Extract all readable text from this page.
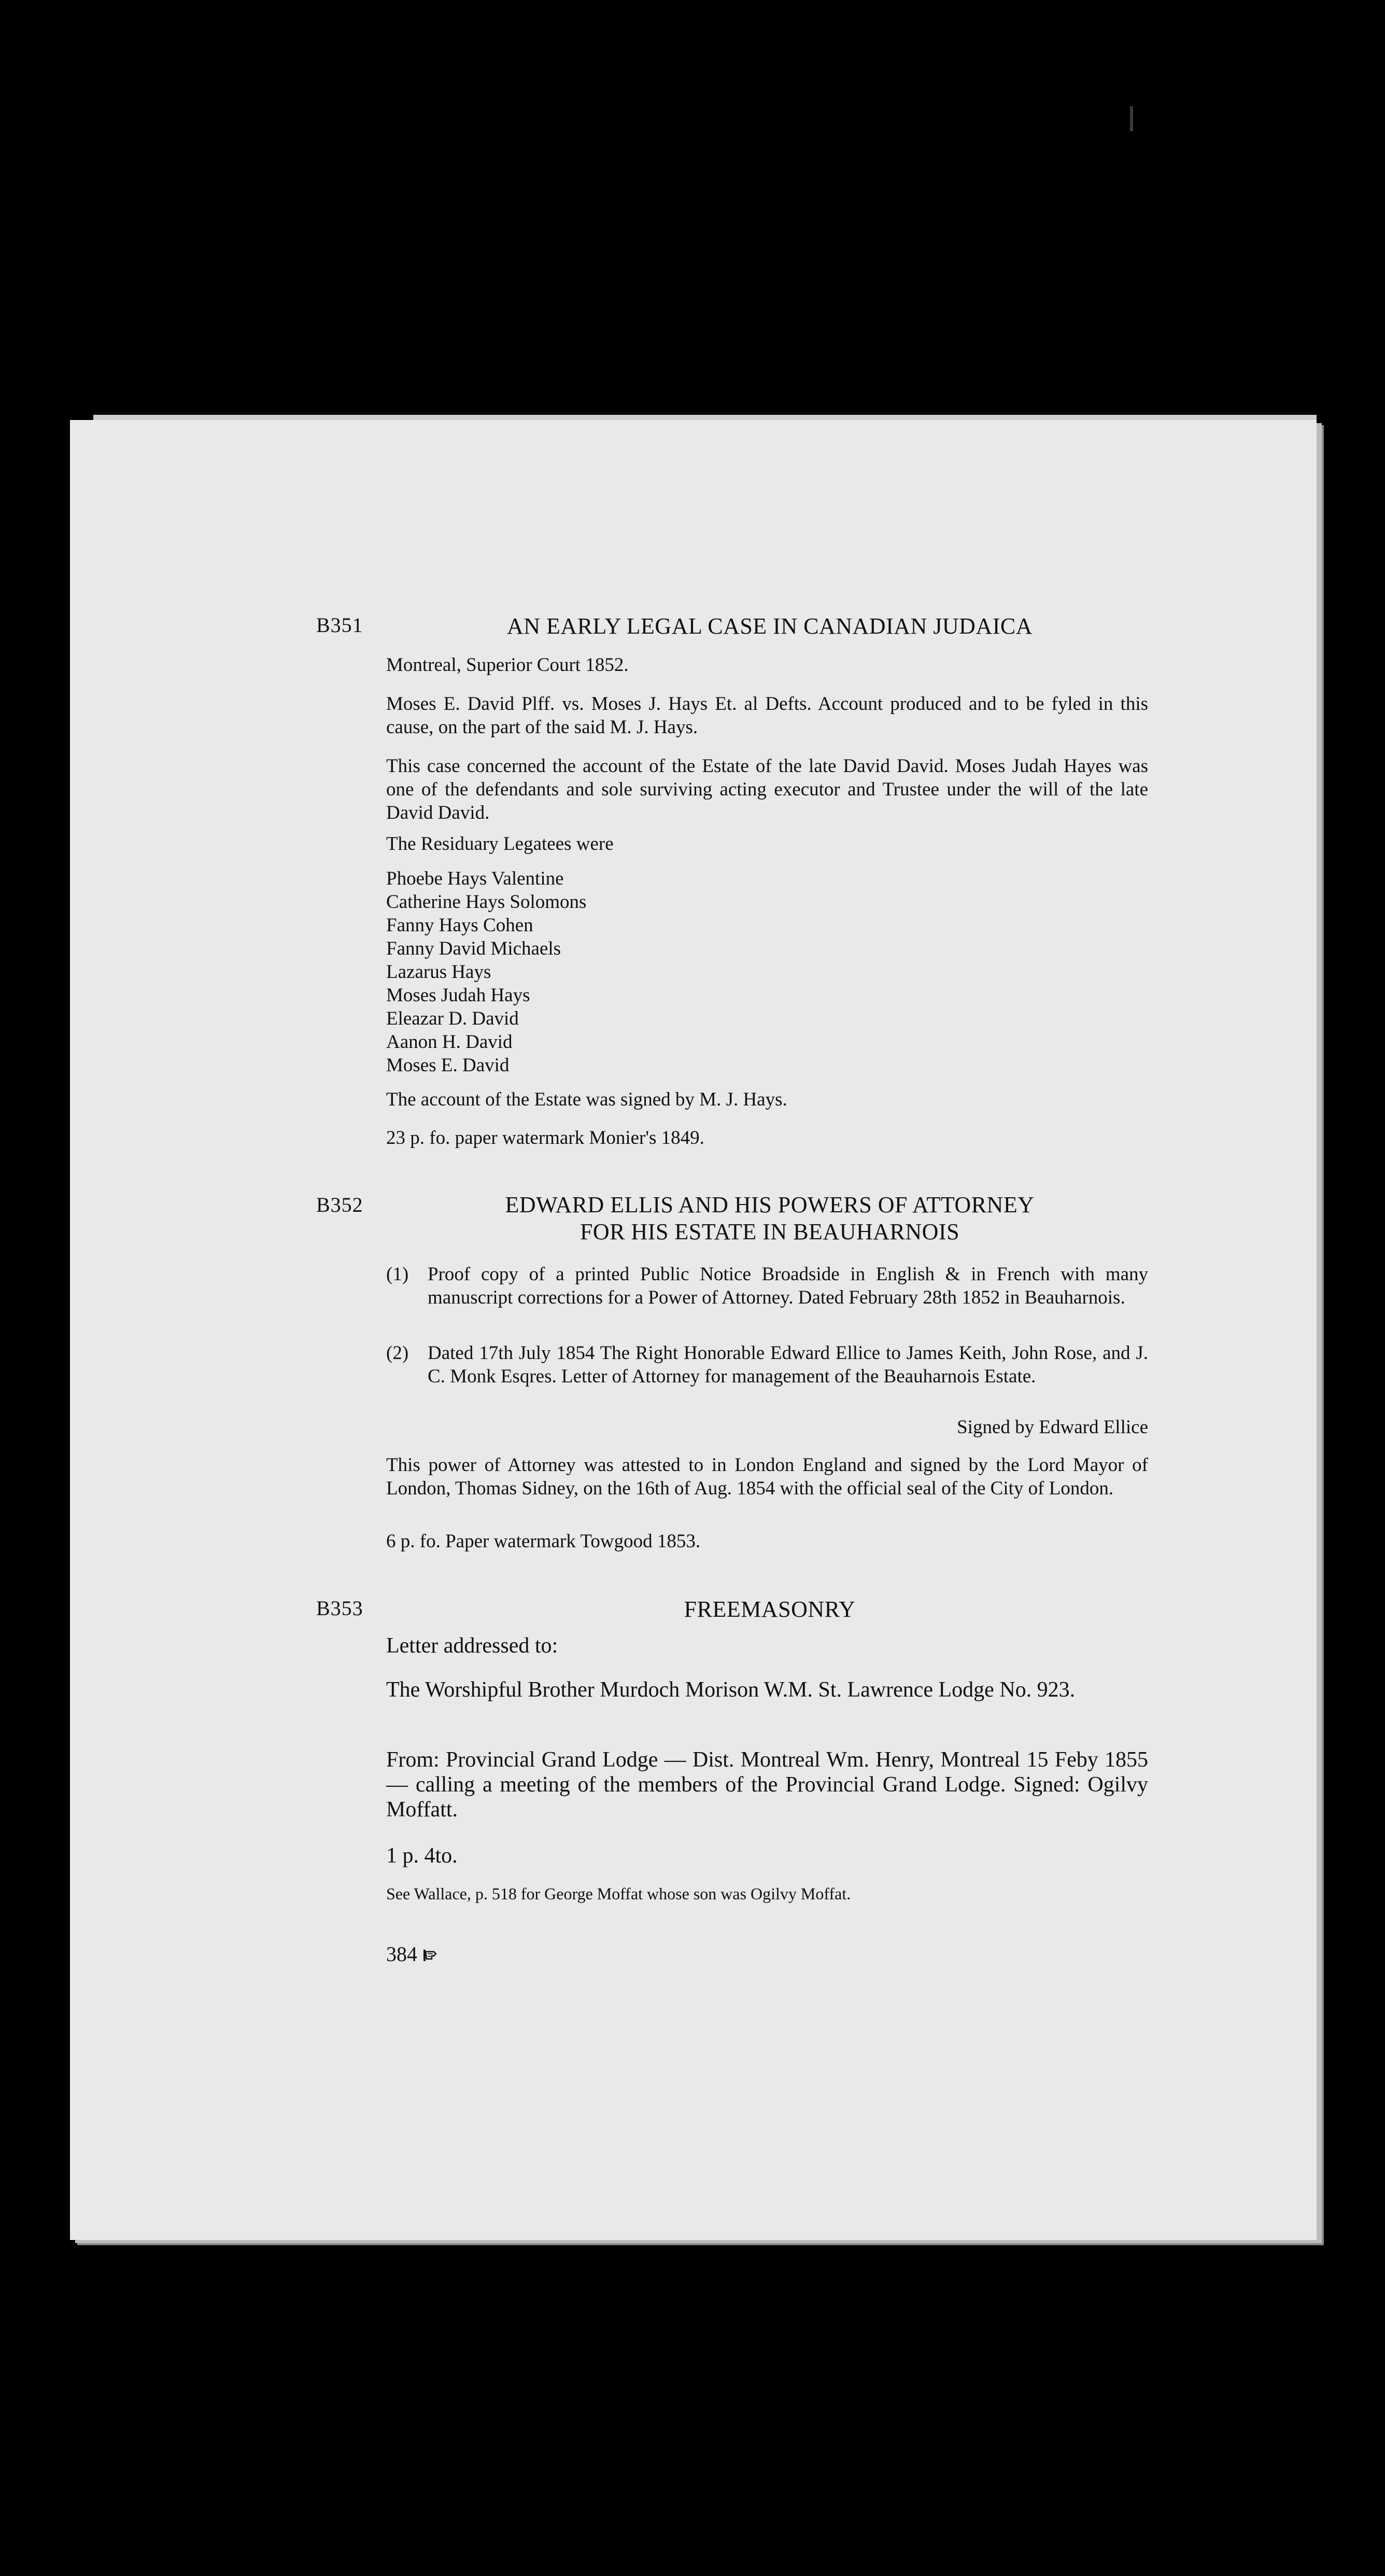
B351	AN EARLY LEGAL CASE IN CANADIAN JUDAICA
Montreal, Superior Court 1852.
Moses E. David Plff. vs. Moses J. Hays Et. al Defts. Account produced and to be fyled in this cause, on the part of the said M. J. Hays.
This case concerned the account of the Estate of the late David David. Moses Judah Hayes was one of the defendants and sole surviving acting executor and Trustee under the will of the late David David.
The Residuary Legatees were
Phoebe Hays Valentine
Catherine Hays Solomons
Fanny Hays Cohen
Fanny David Michaels
Lazarus Hays
Moses Judah Hays
Eleazar D. David
Aanon H. David
Moses E. David
The account of the Estate was signed by M. J. Hays.
23 p. fo. paper watermark Monier's 1849.
B352	EDWARD ELLIS AND HIS POWERS OF ATTORNEY
FOR HIS ESTATE IN BEAUHARNOIS
(1) Proof copy of a printed Public Notice Broadside in English & in French with many manuscript corrections for a Power of Attorney. Dated February 28th 1852 in Beauharnois.
(2) Dated 17th July 1854 The Right Honorable Edward Ellice to James Keith, John Rose, and J. C. Monk Esqres. Letter of Attorney for management of the Beauharnois Estate.
Signed by Edward Ellice
This power of Attorney was attested to in London England and signed by the Lord Mayor of London, Thomas Sidney, on the 16th of Aug. 1854 with the official seal of the City of London.
6 p. fo. Paper watermark Towgood 1853.
B353	FREEMASONRY
Letter addressed to:
The Worshipful Brother Murdoch Morison W.M. St. Lawrence Lodge No. 923.
From: Provincial Grand Lodge — Dist. Montreal Wm. Henry, Montreal 15 Feby 1855 — calling a meeting of the members of the Provincial Grand Lodge. Signed: Ogilvy Moffatt.
1 p. 4to.
See Wallace, p. 518 for George Moffat whose son was Ogilvy Moffat.
384
